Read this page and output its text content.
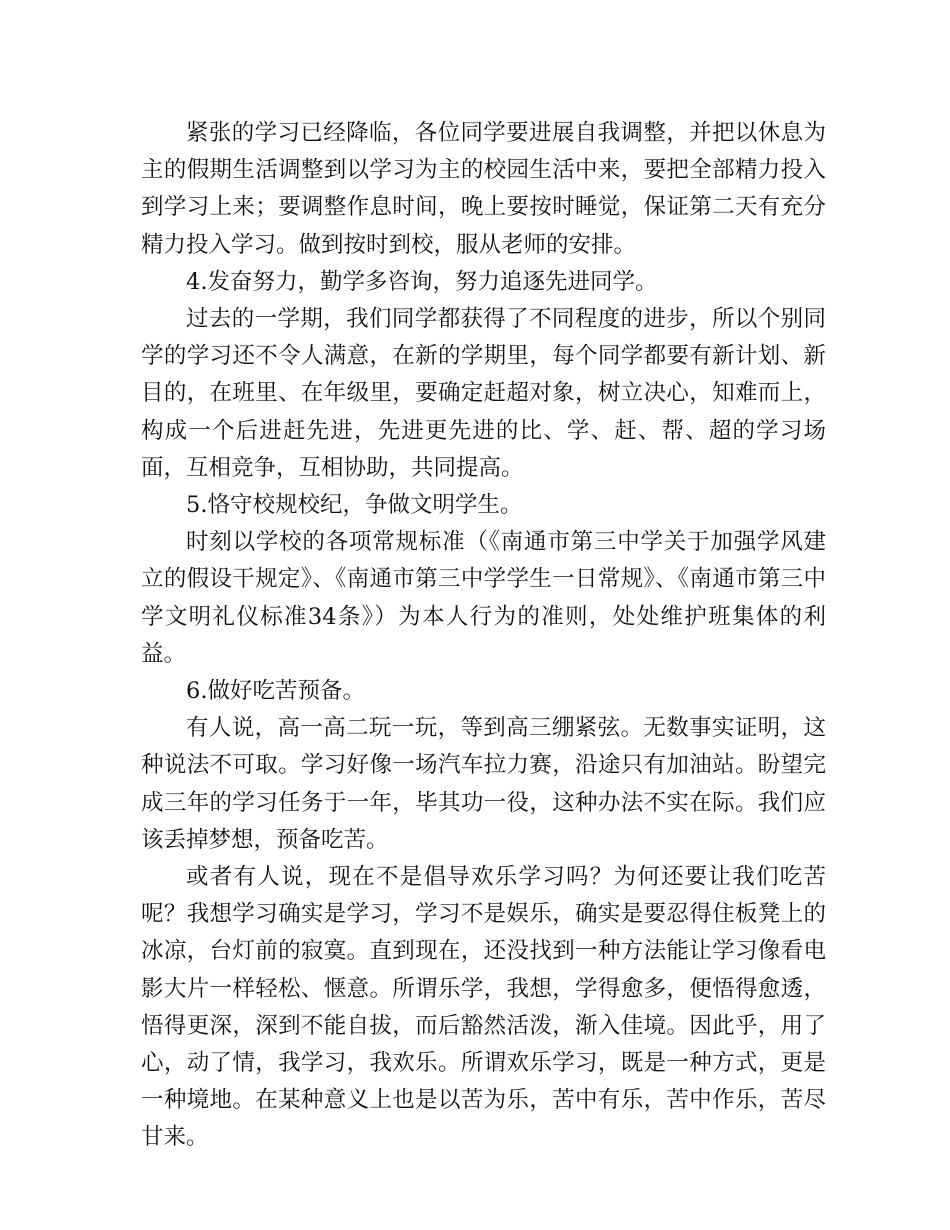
紧张的学习已经降临，各位同学要进展自我调整，并把以休息为主的假期生活调整到以学习为主的校园生活中来，要把全部精力投入到学习上来；要调整作息时间，晚上要按时睡觉，保证第二天有充分精力投入学习。做到按时到校，服从老师的安排。

4.发奋努力，勤学多咨询，努力追逐先进同学。

过去的一学期，我们同学都获得了不同程度的进步，所以个别同学的学习还不令人满意，在新的学期里，每个同学都要有新计划、新目的，在班里、在年级里，要确定赶超对象，树立决心，知难而上，构成一个后进赶先进，先进更先进的比、学、赶、帮、超的学习场面，互相竞争，互相协助，共同提高。

5.恪守校规校纪，争做文明学生。

时刻以学校的各项常规标准（《南通市第三中学关于加强学风建立的假设干规定》、《南通市第三中学学生一日常规》、《南通市第三中学文明礼仪标准34条》）为本人行为的准则，处处维护班集体的利益。

6.做好吃苦预备。

有人说，高一高二玩一玩，等到高三绷紧弦。无数事实证明，这种说法不可取。学习好像一场汽车拉力赛，沿途只有加油站。盼望完成三年的学习任务于一年，毕其功一役，这种办法不实在际。我们应该丢掉梦想，预备吃苦。

或者有人说，现在不是倡导欢乐学习吗？为何还要让我们吃苦呢？我想学习确实是学习，学习不是娱乐，确实是要忍得住板凳上的冰凉，台灯前的寂寞。直到现在，还没找到一种方法能让学习像看电影大片一样轻松、惬意。所谓乐学，我想，学得愈多，便悟得愈透，悟得更深，深到不能自拔，而后豁然活泼，渐入佳境。因此乎，用了心，动了情，我学习，我欢乐。所谓欢乐学习，既是一种方式，更是一种境地。在某种意义上也是以苦为乐，苦中有乐，苦中作乐，苦尽甘来。
